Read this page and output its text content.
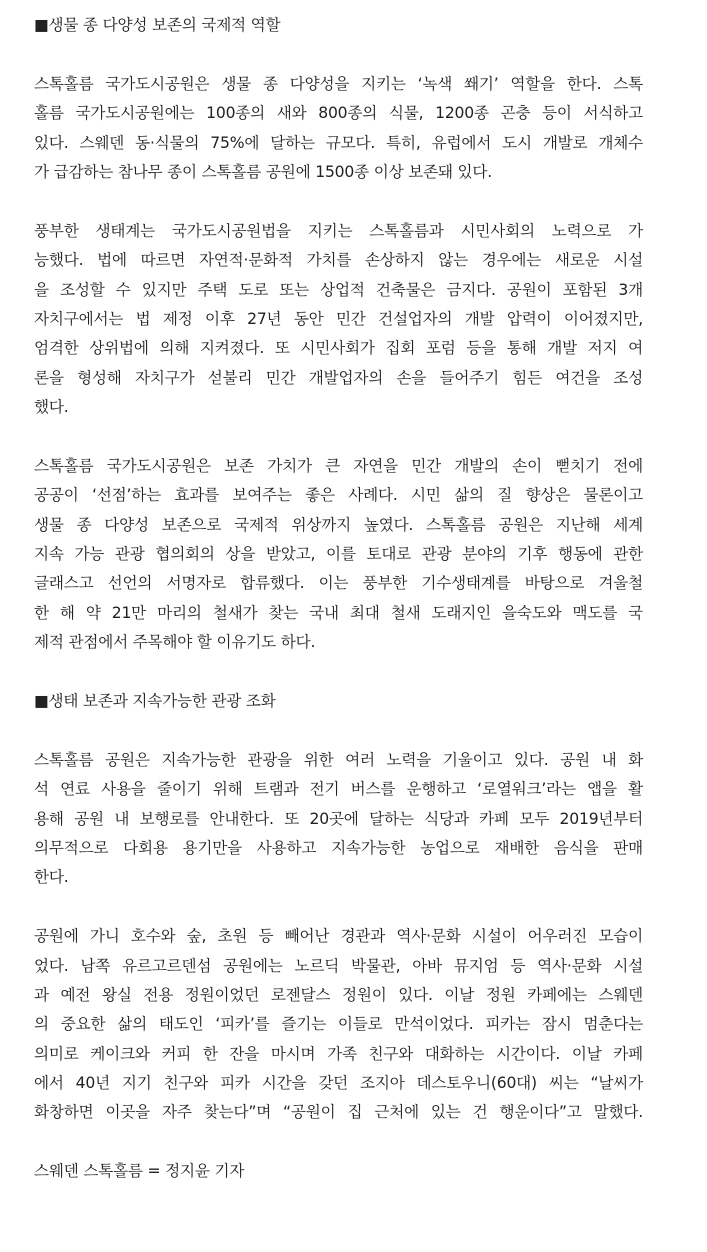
■생물 종 다양성 보존의 국제적 역할
스톡홀름 국가도시공원은 생물 종 다양성을 지키는 ‘녹색 쐐기’ 역할을 한다. 스톡
홀름 국가도시공원에는 100종의 새와 800종의 식물, 1200종 곤충 등이 서식하고
있다. 스웨덴 동·식물의 75%에 달하는 규모다. 특히, 유럽에서 도시 개발로 개체수
가 급감하는 참나무 종이 스톡홀름 공원에 1500종 이상 보존돼 있다.
풍부한 생태계는 국가도시공원법을 지키는 스톡홀름과 시민사회의 노력으로 가
능했다. 법에 따르면 자연적·문화적 가치를 손상하지 않는 경우에는 새로운 시설
을 조성할 수 있지만 주택 도로 또는 상업적 건축물은 금지다. 공원이 포함된 3개
자치구에서는 법 제정 이후 27년 동안 민간 건설업자의 개발 압력이 이어졌지만,
엄격한 상위법에 의해 지켜졌다. 또 시민사회가 집회 포럼 등을 통해 개발 저지 여
론을 형성해 자치구가 섣불리 민간 개발업자의 손을 들어주기 힘든 여건을 조성
했다.
스톡홀름 국가도시공원은 보존 가치가 큰 자연을 민간 개발의 손이 뻗치기 전에
공공이 ‘선점’하는 효과를 보여주는 좋은 사례다. 시민 삶의 질 향상은 물론이고
생물 종 다양성 보존으로 국제적 위상까지 높였다. 스톡홀름 공원은 지난해 세계
지속 가능 관광 협의회의 상을 받았고, 이를 토대로 관광 분야의 기후 행동에 관한
글래스고 선언의 서명자로 합류했다. 이는 풍부한 기수생태계를 바탕으로 겨울철
한 해 약 21만 마리의 철새가 찾는 국내 최대 철새 도래지인 을숙도와 맥도를 국
제적 관점에서 주목해야 할 이유기도 하다.
■생태 보존과 지속가능한 관광 조화
스톡홀름 공원은 지속가능한 관광을 위한 여러 노력을 기울이고 있다. 공원 내 화
석 연료 사용을 줄이기 위해 트램과 전기 버스를 운행하고 ‘로열워크’라는 앱을 활
용해 공원 내 보행로를 안내한다. 또 20곳에 달하는 식당과 카페 모두 2019년부터
의무적으로 다회용 용기만을 사용하고 지속가능한 농업으로 재배한 음식을 판매
한다.
공원에 가니 호수와 숲, 초원 등 빼어난 경관과 역사·문화 시설이 어우러진 모습이
었다. 남쪽 유르고르덴섬 공원에는 노르딕 박물관, 아바 뮤지엄 등 역사·문화 시설
과 예전 왕실 전용 정원이었던 로젠달스 정원이 있다. 이날 정원 카페에는 스웨덴
의 중요한 삶의 태도인 ‘피카’를 즐기는 이들로 만석이었다. 피카는 잠시 멈춘다는
의미로 케이크와 커피 한 잔을 마시며 가족 친구와 대화하는 시간이다. 이날 카페
에서 40년 지기 친구와 피카 시간을 갖던 조지아 데스토우니(60대) 씨는 “날씨가
화창하면 이곳을 자주 찾는다”며 “공원이 집 근처에 있는 건 행운이다”고 말했다.
스웨덴 스톡홀름 = 정지윤 기자
